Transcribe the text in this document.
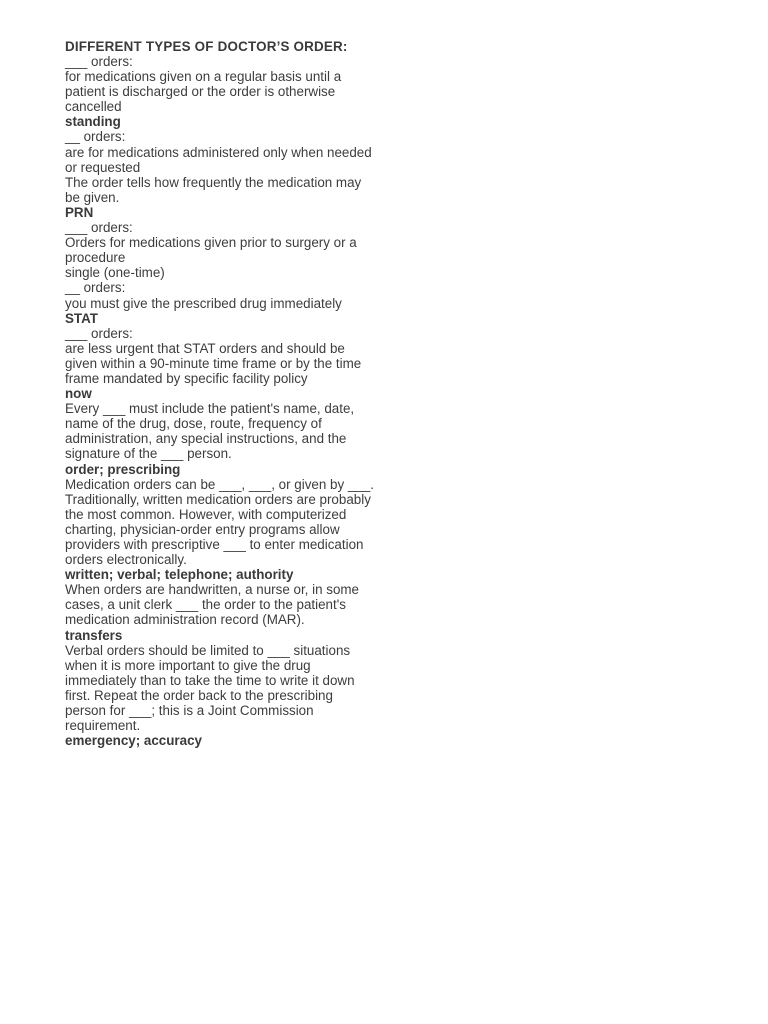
DIFFERENT TYPES OF DOCTOR’S ORDER:

___ orders:

for medications given on a regular basis until a patient is discharged or the order is otherwise cancelled

standing

__ orders:

are for medications administered only when needed or requested

The order tells how frequently the medication may be given.

PRN

___ orders:

Orders for medications given prior to surgery or a procedure

single (one-time)

__ orders:

you must give the prescribed drug immediately

STAT

___ orders:

are less urgent that STAT orders and should be given within a 90-minute time frame or by the time frame mandated by specific facility policy

now

Every ___ must include the patient's name, date, name of the drug, dose, route, frequency of administration, any special instructions, and the signature of the ___ person.

order; prescribing

Medication orders can be ___, ___, or given by ___. Traditionally, written medication orders are probably the most common. However, with computerized charting, physician-order entry programs allow providers with prescriptive ___ to enter medication orders electronically.

written; verbal; telephone; authority

When orders are handwritten, a nurse or, in some cases, a unit clerk ___ the order to the patient's medication administration record (MAR).

transfers

Verbal orders should be limited to ___ situations when it is more important to give the drug immediately than to take the time to write it down first. Repeat the order back to the prescribing person for ___; this is a Joint Commission requirement.

emergency; accuracy
